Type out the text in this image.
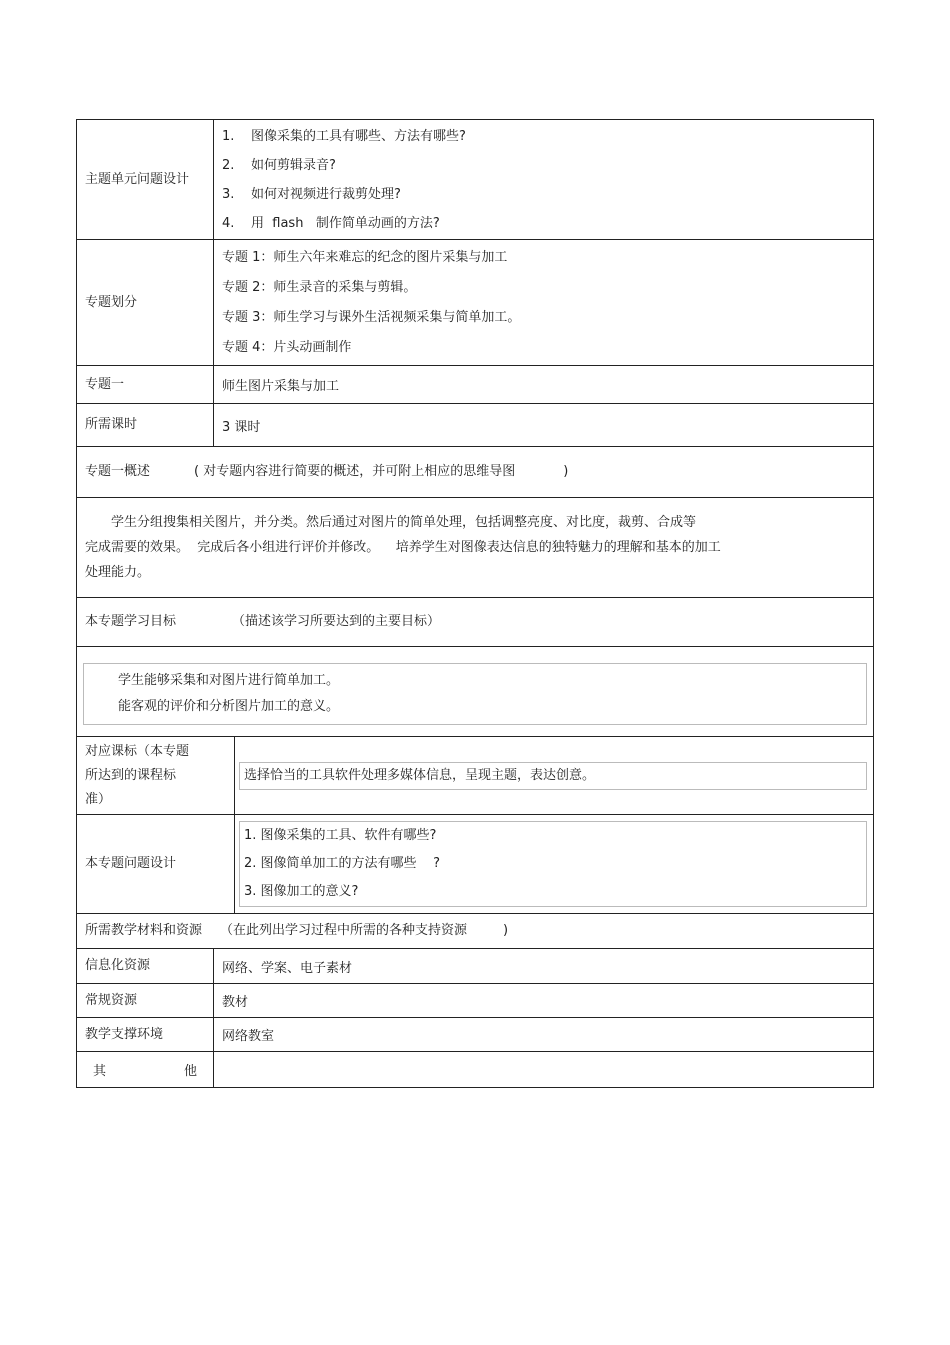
主题单元问题设计	1. 图像采集的工具有哪些、方法有哪些?
2. 如何剪辑录音?
3. 如何对视频进行裁剪处理?
4. 用  flash   制作简单动画的方法?	

专题划分	专题 1：师生六年来难忘的纪念的图片采集与加工
专题 2：师生录音的采集与剪辑。
专题 3：师生学习与课外生活视频采集与简单加工。
专题 4：片头动画制作	

专题一	师生图片采集与加工	
所需课时	3 课时	
专题一概述 ( 对专题内容进行简要的概述，并可附上相应的思维导图 )		

学生分组搜集相关图片，并分类。然后通过对图片的简单处理，包括调整亮度、对比度，裁剪、合成等
完成需要的效果。  完成后各小组进行评价并修改。    培养学生对图像表达信息的独特魅力的理解和基本的加工
处理能力。		

本专题学习目标 （描述该学习所要达到的主要目标）		

学生能够采集和对图片进行简单加工。
能客观的评价和分析图片加工的意义。		

对应课标（本专题
所达到的课程标
准）		选择恰当的工具软件处理多媒体信息，呈现主题，表达创意。

本专题问题设计		1. 图像采集的工具、软件有哪些?
2. 图像简单加工的方法有哪些    ?
3. 图像加工的意义?

所需教学材料和资源 （在此列出学习过程中所需的各种支持资源 )		
信息化资源	网络、学案、电子素材	
常规资源	教材	
教学支撑环境	网络教室	

其 他		
